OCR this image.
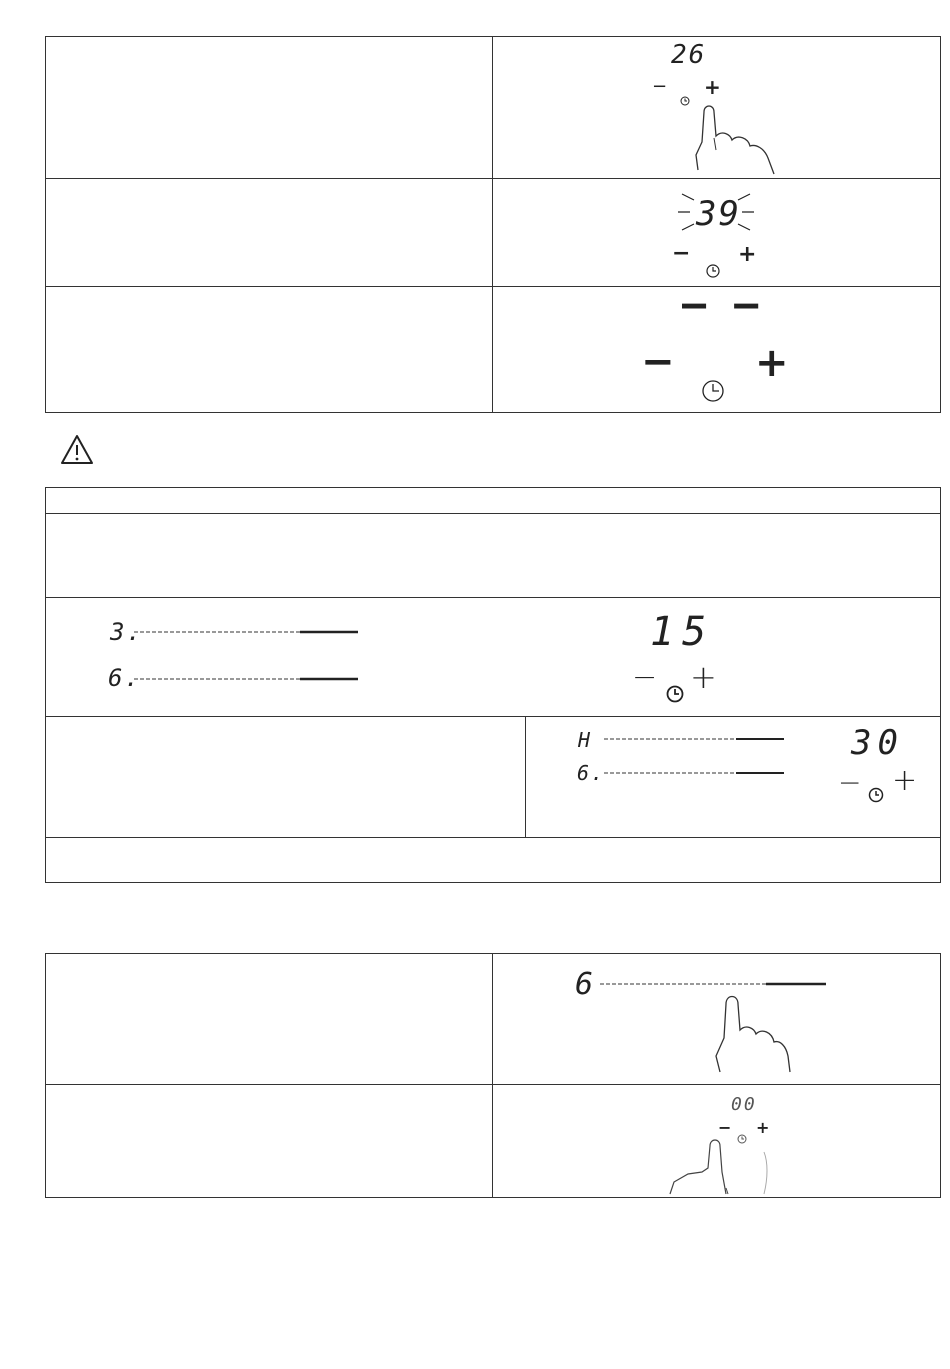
26
− +
39
− +
– –
− +
3.
6.
15
− +
H
6.
30
− +
6
00
− +
